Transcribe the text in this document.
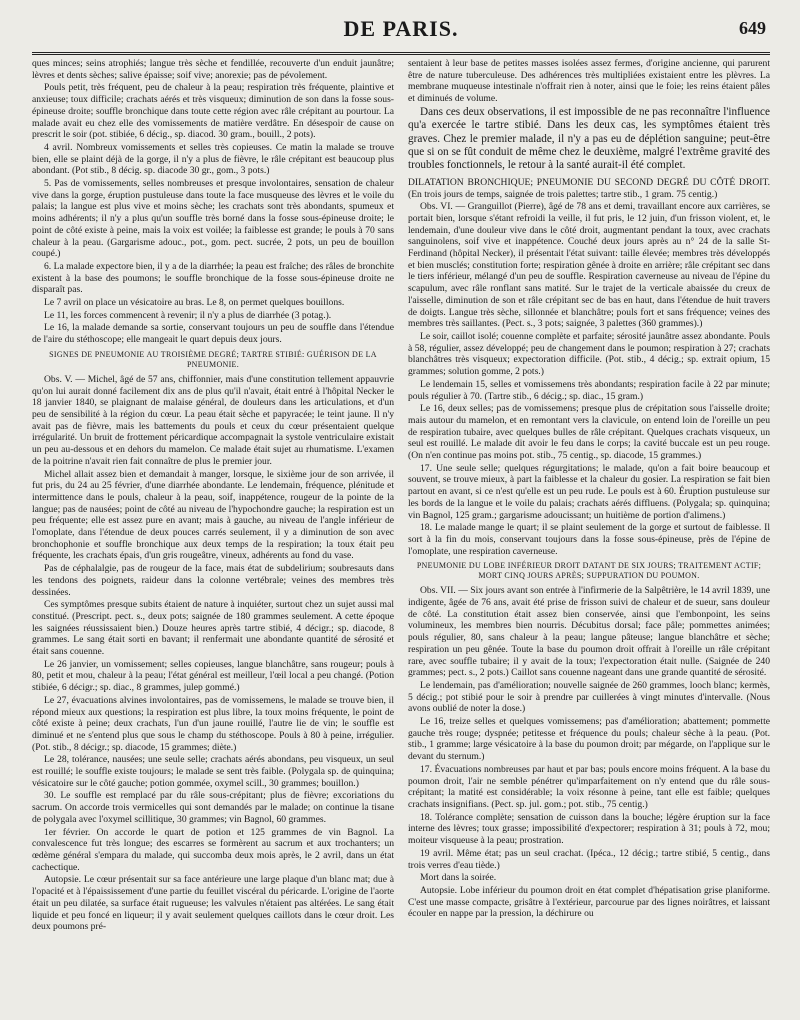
DE PARIS.	649

ques minces; seins atrophiés; langue très sèche et fendillée, recouverte d'un enduit jaunâtre; lèvres et dents sèches; salive épaisse; soif vive; anorexie; pas de pévolement.

Pouls petit, très fréquent, peu de chaleur à la peau; respiration très fréquente, plaintive et anxieuse; toux difficile; crachats aérés et très visqueux; diminution de son dans la fosse sous-épineuse droite; souffle bronchique dans toute cette région avec râle crépitant au pourtour. La malade avait eu chez elle des vomissements de matière verdâtre. En désespoir de cause on prescrit le soir (pot. stibiée, 6 décig., sp. diacod. 30 gram., bouill., 2 pots).

4 avril. Nombreux vomissements et selles très copieuses. Ce matin la malade se trouve bien, elle se plaint déjà de la gorge, il n'y a plus de fièvre, le râle crépitant est beaucoup plus abondant. (Pot stib., 8 décig. sp. diacode 30 gr., gom., 3 pots.)

5. Pas de vomissements, selles nombreuses et presque involontaires, sensation de chaleur vive dans la gorge, éruption pustuleuse dans toute la face musqueuse des lèvres et le voile du palais; la langue est plus vive et moins sèche; les crachats sont très abondants, spumeux et moins adhérents; il n'y a plus qu'un souffle très borné dans la fosse sous-épineuse droite; le point de côté existe à peine, mais la voix est voilée; la faiblesse est grande; le pouls à 70 sans chaleur à la peau. (Gargarisme adouc., pot., gom. pect. sucrée, 2 pots, un peu de bouillon coupé.)

6. La malade expectore bien, il y a de la diarrhée; la peau est fraîche; des râles de bronchite existent à la base des poumons; le souffle bronchique de la fosse sous-épineuse droite ne disparaît pas.

Le 7 avril on place un vésicatoire au bras. Le 8, on permet quelques bouillons.

Le 11, les forces commencent à revenir; il n'y a plus de diarrhée (3 potag.).

Le 16, la malade demande sa sortie, conservant toujours un peu de souffle dans l'étendue de l'aire du stéthoscope; elle mangeait le quart depuis deux jours.

SIGNES DE PNEUMONIE AU TROISIÈME DEGRÉ; TARTRE STIBIÉ: GUÉRISON DE LA PNEUMONIE.

Obs. V. — Michel, âgé de 57 ans, chiffonnier, mais d'une constitution tellement appauvrie qu'on lui aurait donné facilement dix ans de plus qu'il n'avait, était entré à l'hôpital Necker le 18 janvier 1840, se plaignant de malaise général, de douleurs dans les articulations, et d'un peu de sensibilité à la région du cœur. La peau était sèche et papyracée; le teint jaune. Il n'y avait pas de fièvre, mais les battements du pouls et ceux du cœur présentaient quelque irrégularité. Un bruit de frottement péricardique accompagnait la systole ventriculaire existait un peu au-dessous et en dehors du mamelon. Ce malade était sujet au rhumatisme. L'examen de la poitrine n'avait rien fait connaître de plus le premier jour.

Michel allait assez bien et demandait à manger, lorsque, le sixième jour de son arrivée, il fut pris, du 24 au 25 février, d'une diarrhée abondante. Le lendemain, fréquence, plénitude et intermittence dans le pouls, chaleur à la peau, soif, inappétence, rougeur de la pointe de la langue; pas de nausées; point de côté au niveau de l'hypochondre gauche; la respiration est un peu fréquente; elle est assez pure en avant; mais à gauche, au niveau de l'angle inférieur de l'omoplate, dans l'étendue de deux pouces carrés seulement, il y a diminution de son avec bronchophonie et souffle bronchique aux deux temps de la respiration; la toux était peu fréquente, les crachats épais, d'un gris rougeâtre, vineux, adhérents au fond du vase.

Pas de céphalalgie, pas de rougeur de la face, mais état de subdelirium; soubresauts dans les tendons des poignets, raideur dans la colonne vertébrale; veines des membres très dessinées.

Ces symptômes presque subits étaient de nature à inquiéter, surtout chez un sujet aussi mal constitué. (Prescript. pect. s., deux pots; saignée de 180 grammes seulement. A cette époque les saignées réussissaient bien.) Douze heures après tartre stibié, 4 décigr.; sp. diacode, 8 grammes. Le sang était sorti en bavant; il renfermait une abondante quantité de sérosité et était sans couenne.

Le 26 janvier, un vomissement; selles copieuses, langue blanchâtre, sans rougeur; pouls à 80, petit et mou, chaleur à la peau; l'état général est meilleur, l'œil local a peu changé. (Potion stibiée, 6 décigr.; sp. diac., 8 grammes, julep gommé.)

Le 27, évacuations alvines involontaires, pas de vomissemens, le malade se trouve bien, il répond mieux aux questions; la respiration est plus libre, la toux moins fréquente, le point de côté existe à peine; deux crachats, l'un d'un jaune rouillé, l'autre lie de vin; le souffle est diminué et ne s'entend plus que sous le champ du stéthoscope. Pouls à 80 à peine, irrégulier. (Pot. stib., 8 décigr.; sp. diacode, 15 grammes; diète.)

Le 28, tolérance, nausées; une seule selle; crachats aérés abondans, peu visqueux, un seul est rouillé; le souffle existe toujours; le malade se sent très faible. (Polygala sp. de quinquina; vésicatoire sur le côté gauche; potion gommée, oxymel scill., 30 grammes; bouillon.)

30. Le souffle est remplacé par du râle sous-crépitant; plus de fièvre; excoriations du sacrum. On accorde trois vermicelles qui sont demandés par le malade; on continue la tisane de polygala avec l'oxymel scillitique, 30 grammes; vin Bagnol, 60 grammes.

1er février. On accorde le quart de potion et 125 grammes de vin Bagnol. La convalescence fut très longue; des escarres se formèrent au sacrum et aux trochanters; un œdème général s'empara du malade, qui succomba deux mois après, le 2 avril, dans un état cachectique.

Autopsie. Le cœur présentait sur sa face antérieure une large plaque d'un blanc mat; due à l'opacité et à l'épaississement d'une partie du feuillet viscéral du péricarde. L'origine de l'aorte était un peu dilatée, sa surface était rugueuse; les valvules n'étaient pas altérées. Le sang était liquide et peu foncé en liqueur; il y avait seulement quelques caillots dans le cœur droit. Les deux poumons pré-

sentaient à leur base de petites masses isolées assez fermes, d'origine ancienne, qui parurent être de nature tuberculeuse. Des adhérences très multipliées existaient entre les plèvres. La membrane muqueuse intestinale n'offrait rien à noter, ainsi que le foie; les reins étaient pâles et diminués de volume.

Dans ces deux observations, il est impossible de ne pas reconnaître l'influence qu'a exercée le tartre stibié. Dans les deux cas, les symptômes étaient très graves. Chez le premier malade, il n'y a pas eu de déplétion sanguine; peut-être que si on se fût conduit de même chez le deuxième, malgré l'extrême gravité des troubles fonctionnels, le retour à la santé aurait-il été complet.

DILATATION BRONCHIQUE; PNEUMONIE DU SECOND DEGRÉ DU CÔTÉ DROIT. (En trois jours de temps, saignée de trois palettes; tartre stib., 1 gram. 75 centig.)

Obs. VI. — Granguillot (Pierre), âgé de 78 ans et demi, travaillant encore aux carrières, se portait bien, lorsque s'étant refroidi la veille, il fut pris, le 12 juin, d'un frisson violent, et, le lendemain, d'une douleur vive dans le côté droit, augmentant pendant la toux, avec crachats sanguinolens, soif vive et inappétence. Couché deux jours après au n° 24 de la salle St-Ferdinand (hôpital Necker), il présentait l'état suivant: taille élevée; membres très développés et bien musclés; constitution forte; respiration gênée à droite en arrière; râle crépitant sec dans le tiers inférieur, mélangé d'un peu de souffle. Respiration caverneuse au niveau de l'épine du scapulum, avec râle ronflant sans matité. Sur le trajet de la verticale abaissée du creux de l'aisselle, diminution de son et râle crépitant sec de bas en haut, dans l'étendue de huit travers de doigts. Langue très sèche, sillonnée et blanchâtre; pouls fort et sans fréquence; veines des membres très saillantes. (Pect. s., 3 pots; saignée, 3 palettes (360 grammes).)

Le soir, caillot isolé; couenne complète et parfaite; sérosité jaunâtre assez abondante. Pouls à 58, régulier, assez développé; peu de changement dans le poumon; respiration à 27; crachats blanchâtres très visqueux; expectoration difficile. (Pot. stib., 4 décig.; sp. extrait opium, 15 grammes; solution gomme, 2 pots.)

Le lendemain 15, selles et vomissemens très abondants; respiration facile à 22 par minute; pouls régulier à 70. (Tartre stib., 6 décig.; sp. diac., 15 gram.)

Le 16, deux selles; pas de vomissemens; presque plus de crépitation sous l'aisselle droite; mais autour du mamelon, et en remontant vers la clavicule, on entend loin de l'oreille un peu de respiration tubaire, avec quelques bulles de râle crépitant. Quelques crachats visqueux, un seul est rouillé. Le malade dit avoir le feu dans le corps; la cavité buccale est un peu rouge. (On n'en continue pas moins pot. stib., 75 centig., sp. diacode, 15 grammes.)

17. Une seule selle; quelques régurgitations; le malade, qu'on a fait boire beaucoup et souvent, se trouve mieux, à part la faiblesse et la chaleur du gosier. La respiration se fait bien partout en avant, si ce n'est qu'elle est un peu rude. Le pouls est à 60. Éruption pustuleuse sur les bords de la langue et le voile du palais; crachats aérés diffluens. (Polygala; sp. quinquina; vin Bagnol, 125 gram.; gargarisme adoucissant; un huitième de portion d'alimens.)

18. Le malade mange le quart; il se plaint seulement de la gorge et surtout de faiblesse. Il sort à la fin du mois, conservant toujours dans la fosse sous-épineuse, près de l'épine de l'omoplate, une respiration caverneuse.

PNEUMONIE DU LOBE INFÉRIEUR DROIT DATANT DE SIX JOURS; TRAITEMENT ACTIF; MORT CINQ JOURS APRÈS; SUPPURATION DU POUMON.

Obs. VII. — Six jours avant son entrée à l'infirmerie de la Salpêtrière, le 14 avril 1839, une indigente, âgée de 76 ans, avait été prise de frisson suivi de chaleur et de sueur, sans douleur de côté. La constitution était assez bien conservée, ainsi que l'embonpoint, les seins volumineux, les membres bien nourris. Décubitus dorsal; face pâle; pommettes animées; pouls régulier, 80, sans chaleur à la peau; langue pâteuse; langue blanchâtre et sèche; respiration un peu gênée. Toute la base du poumon droit offrait à l'oreille un râle crépitant rare, avec souffle tubaire; il y avait de la toux; l'expectoration était nulle. (Saignée de 240 grammes; pect. s., 2 pots.) Caillot sans couenne nageant dans une grande quantité de sérosité.

Le lendemain, pas d'amélioration; nouvelle saignée de 260 grammes, looch blanc; kermès, 5 décig.; pot stibié pour le soir à prendre par cuillerées à vingt minutes d'intervalle. (Nous avons oublié de noter la dose.)

Le 16, treize selles et quelques vomissemens; pas d'amélioration; abattement; pommette gauche très rouge; dyspnée; petitesse et fréquence du pouls; chaleur sèche à la peau. (Pot. stib., 1 gramme; large vésicatoire à la base du poumon droit; par mégarde, on l'applique sur le devant du sternum.)

17. Évacuations nombreuses par haut et par bas; pouls encore moins fréquent. A la base du poumon droit, l'air ne semble pénétrer qu'imparfaitement on n'y entend que du râle sous-crépitant; la matité est considérable; la voix résonne à peine, tant elle est faible; quelques crachats insignifians. (Pect. sp. jul. gom.; pot. stib., 75 centig.)

18. Tolérance complète; sensation de cuisson dans la bouche; légère éruption sur la face interne des lèvres; toux grasse; impossibilité d'expectorer; respiration à 31; pouls à 72, mou; moiteur visqueuse à la peau; prostration.

19 avril. Même état; pas un seul crachat. (Ipéca., 12 décig.; tartre stibié, 5 centig., dans trois verres d'eau tiède.)

Mort dans la soirée.

Autopsie. Lobe inférieur du poumon droit en état complet d'hépatisation grise planiforme. C'est une masse compacte, grisâtre à l'extérieur, parcourue par des lignes noirâtres, et laissant écouler en nappe par la pression, la déchirure ou
